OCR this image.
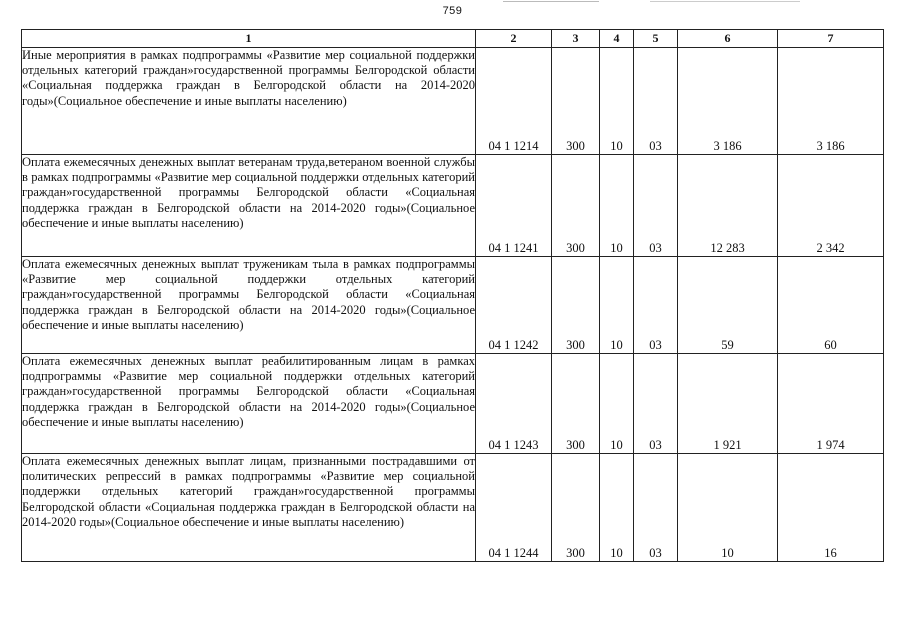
759
1	2	3	4	5	6	7
Иные мероприятия в рамках подпрограммы «Развитие мер социальной поддержки отдельных категорий граждан»государственной программы Белгородской области «Социальная поддержка граждан в Белгородской области на 2014-2020 годы»(Социальное обеспечение и иные выплаты населению)	04 1 1214	300	10	03	3 186	3 186
Оплата ежемесячных денежных выплат ветеранам труда,ветераном военной службы в рамках подпрограммы «Развитие мер социальной поддержки отдельных категорий граждан»государственной программы Белгородской области «Социальная поддержка граждан в Белгородской области на 2014-2020 годы»(Социальное обеспечение и иные выплаты населению)	04 1 1241	300	10	03	12 283	2 342
Оплата ежемесячных денежных выплат труженикам тыла в рамках подпрограммы «Развитие мер социальной поддержки отдельных категорий граждан»государственной программы Белгородской области «Социальная поддержка граждан в Белгородской области на 2014-2020 годы»(Социальное обеспечение и иные выплаты населению)	04 1 1242	300	10	03	59	60
Оплата ежемесячных денежных выплат реабилитированным лицам в рамках подпрограммы «Развитие мер социальной поддержки отдельных категорий граждан»государственной программы Белгородской области «Социальная поддержка граждан в Белгородской области на 2014-2020 годы»(Социальное обеспечение и иные выплаты населению)	04 1 1243	300	10	03	1 921	1 974
Оплата ежемесячных денежных выплат лицам, признанными пострадавшими от политических репрессий в рамках подпрограммы «Развитие мер социальной поддержки отдельных категорий граждан»государственной программы Белгородской области «Социальная поддержка граждан в Белгородской области на 2014-2020 годы»(Социальное обеспечение и иные выплаты населению)	04 1 1244	300	10	03	10	16
